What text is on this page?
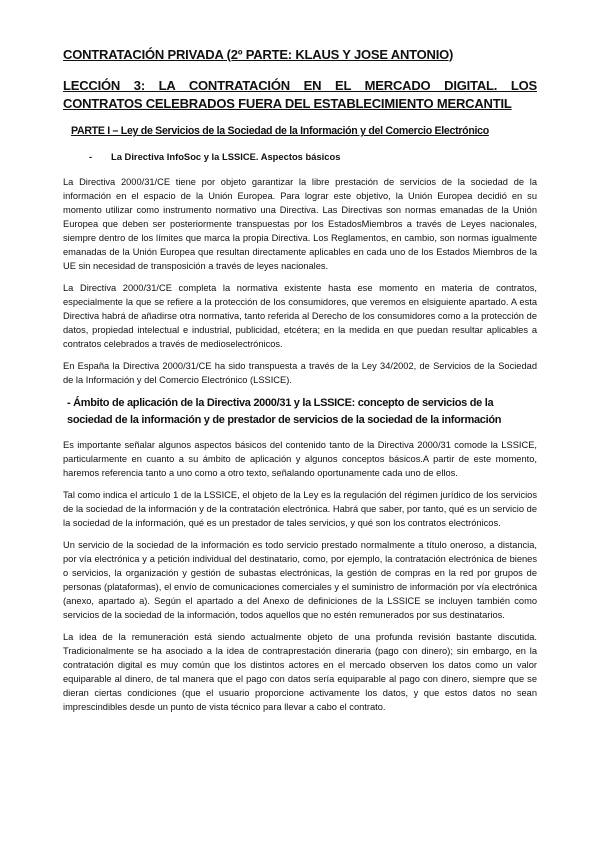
CONTRATACIÓN PRIVADA (2º PARTE: KLAUS Y JOSE ANTONIO)
LECCIÓN 3: LA CONTRATACIÓN EN EL MERCADO DIGITAL. LOS CONTRATOS CELEBRADOS FUERA DEL ESTABLECIMIENTO MERCANTIL
PARTE I – Ley de Servicios de la Sociedad de la Información y del Comercio Electrónico
- La Directiva InfoSoc y la LSSICE. Aspectos básicos

La Directiva 2000/31/CE tiene por objeto garantizar la libre prestación de servicios de la sociedad de la información en el espacio de la Unión Europea. Para lograr este objetivo, la Unión Europea decidió en su momento utilizar como instrumento normativo una Directiva. Las Directivas son normas emanadas de la Unión Europea que deben ser posteriormente transpuestas por los EstadosMiembros a través de Leyes nacionales, siempre dentro de los límites que marca la propia Directiva. Los Reglamentos, en cambio, son normas igualmente emanadas de la Unión Europea que resultan directamente aplicables en cada uno de los Estados Miembros de la UE sin necesidad de transposición a través de leyes nacionales.

La Directiva 2000/31/CE completa la normativa existente hasta ese momento en materia de contratos, especialmente la que se refiere a la protección de los consumidores, que veremos en elsiguiente apartado. A esta Directiva habrá de añadirse otra normativa, tanto referida al Derecho de los consumidores como a la protección de datos, propiedad intelectual e industrial, publicidad, etcétera; en la medida en que puedan resultar aplicables a contratos celebrados a través de medioselectrónicos.

En España la Directiva 2000/31/CE ha sido transpuesta a través de la Ley 34/2002, de Servicios de la Sociedad de la Información y del Comercio Electrónico (LSSICE).

- Ámbito de aplicación de la Directiva 2000/31 y la LSSICE: concepto de servicios de la sociedad de la información y de prestador de servicios de la sociedad de la información

Es importante señalar algunos aspectos básicos del contenido tanto de la Directiva 2000/31 comode la LSSICE, particularmente en cuanto a su ámbito de aplicación y algunos conceptos básicos.A partir de este momento, haremos referencia tanto a uno como a otro texto, señalando oportunamente cada uno de ellos.

Tal como indica el artículo 1 de la LSSICE, el objeto de la Ley es la regulación del régimen jurídico de los servicios de la sociedad de la información y de la contratación electrónica. Habrá que saber, por tanto, qué es un servicio de la sociedad de la información, qué es un prestador de tales servicios, y qué son los contratos electrónicos.

Un servicio de la sociedad de la información es todo servicio prestado normalmente a título oneroso, a distancia, por vía electrónica y a petición individual del destinatario, como, por ejemplo, la contratación electrónica de bienes o servicios, la organización y gestión de subastas electrónicas, la gestión de compras en la red por grupos de personas (plataformas), el envío de comunicaciones comerciales y el suministro de información por vía electrónica (anexo, apartado a). Según el apartado a del Anexo de definiciones de la LSSICE se incluyen también como servicios de la sociedad de la información, todos aquellos que no estén remunerados por sus destinatarios.

La idea de la remuneración está siendo actualmente objeto de una profunda revisión bastante discutida. Tradicionalmente se ha asociado a la idea de contraprestación dineraria (pago con dinero); sin embargo, en la contratación digital es muy común que los distintos actores en el mercado observen los datos como un valor equiparable al dinero, de tal manera que el pago con datos sería equiparable al pago con dinero, siempre que se dieran ciertas condiciones (que el usuario proporcione activamente los datos, y que estos datos no sean imprescindibles desde un punto de vista técnico para llevar a cabo el contrato.
